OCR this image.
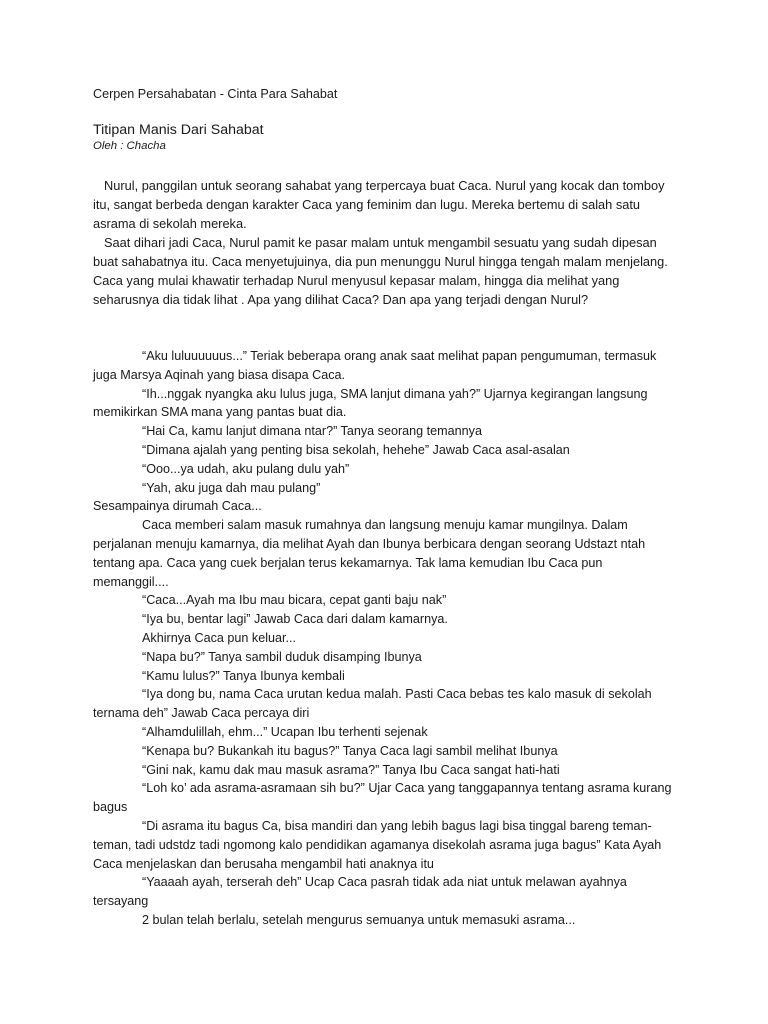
Cerpen Persahabatan - Cinta Para Sahabat

Titipan Manis Dari Sahabat

Oleh : Chacha

Nurul, panggilan untuk seorang sahabat yang terpercaya buat Caca. Nurul yang kocak dan tomboy itu, sangat berbeda dengan karakter Caca yang feminim dan lugu. Mereka bertemu di salah satu asrama di sekolah mereka.

Saat dihari jadi Caca, Nurul pamit ke pasar malam untuk mengambil sesuatu yang sudah dipesan buat sahabatnya itu. Caca menyetujuinya, dia pun menunggu Nurul hingga tengah malam menjelang. Caca yang mulai khawatir terhadap Nurul menyusul kepasar malam, hingga dia melihat yang seharusnya dia tidak lihat . Apa yang dilihat Caca? Dan apa yang terjadi dengan Nurul?

“Aku luluuuuuus...” Teriak beberapa orang anak saat melihat papan pengumuman, termasuk juga Marsya Aqinah yang biasa disapa Caca.

“Ih...nggak nyangka aku lulus juga, SMA lanjut dimana yah?” Ujarnya kegirangan langsung memikirkan SMA mana yang pantas buat dia.

“Hai Ca, kamu lanjut dimana ntar?” Tanya seorang temannya

“Dimana ajalah yang penting bisa sekolah, hehehe” Jawab Caca asal-asalan

“Ooo...ya udah, aku pulang dulu yah”

“Yah, aku juga dah mau pulang”

Sesampainya dirumah Caca...

Caca memberi salam masuk rumahnya dan langsung menuju kamar mungilnya. Dalam perjalanan menuju kamarnya, dia melihat Ayah dan Ibunya berbicara dengan seorang Udstazt ntah tentang apa. Caca yang cuek berjalan terus kekamarnya. Tak lama kemudian Ibu Caca pun memanggil....

“Caca...Ayah ma Ibu mau bicara, cepat ganti baju nak”

“Iya bu, bentar lagi” Jawab Caca dari dalam kamarnya.

Akhirnya Caca pun keluar...

“Napa bu?” Tanya sambil duduk disamping Ibunya

“Kamu lulus?” Tanya Ibunya kembali

“Iya dong bu, nama Caca urutan kedua malah. Pasti Caca bebas tes kalo masuk di sekolah ternama deh” Jawab Caca percaya diri

“Alhamdulillah, ehm...” Ucapan Ibu terhenti sejenak

“Kenapa bu? Bukankah itu bagus?” Tanya Caca lagi sambil melihat Ibunya

“Gini nak, kamu dak mau masuk asrama?” Tanya Ibu Caca sangat hati-hati

“Loh ko’ ada asrama-asramaan sih bu?” Ujar Caca yang tanggapannya tentang asrama kurang bagus

“Di asrama itu bagus Ca, bisa mandiri dan yang lebih bagus lagi bisa tinggal bareng teman-teman, tadi udstdz tadi ngomong kalo pendidikan agamanya disekolah asrama juga bagus” Kata Ayah Caca menjelaskan dan berusaha mengambil hati anaknya itu

“Yaaaah ayah, terserah deh” Ucap Caca pasrah tidak ada niat untuk melawan ayahnya tersayang

2 bulan telah berlalu, setelah mengurus semuanya untuk memasuki asrama...
